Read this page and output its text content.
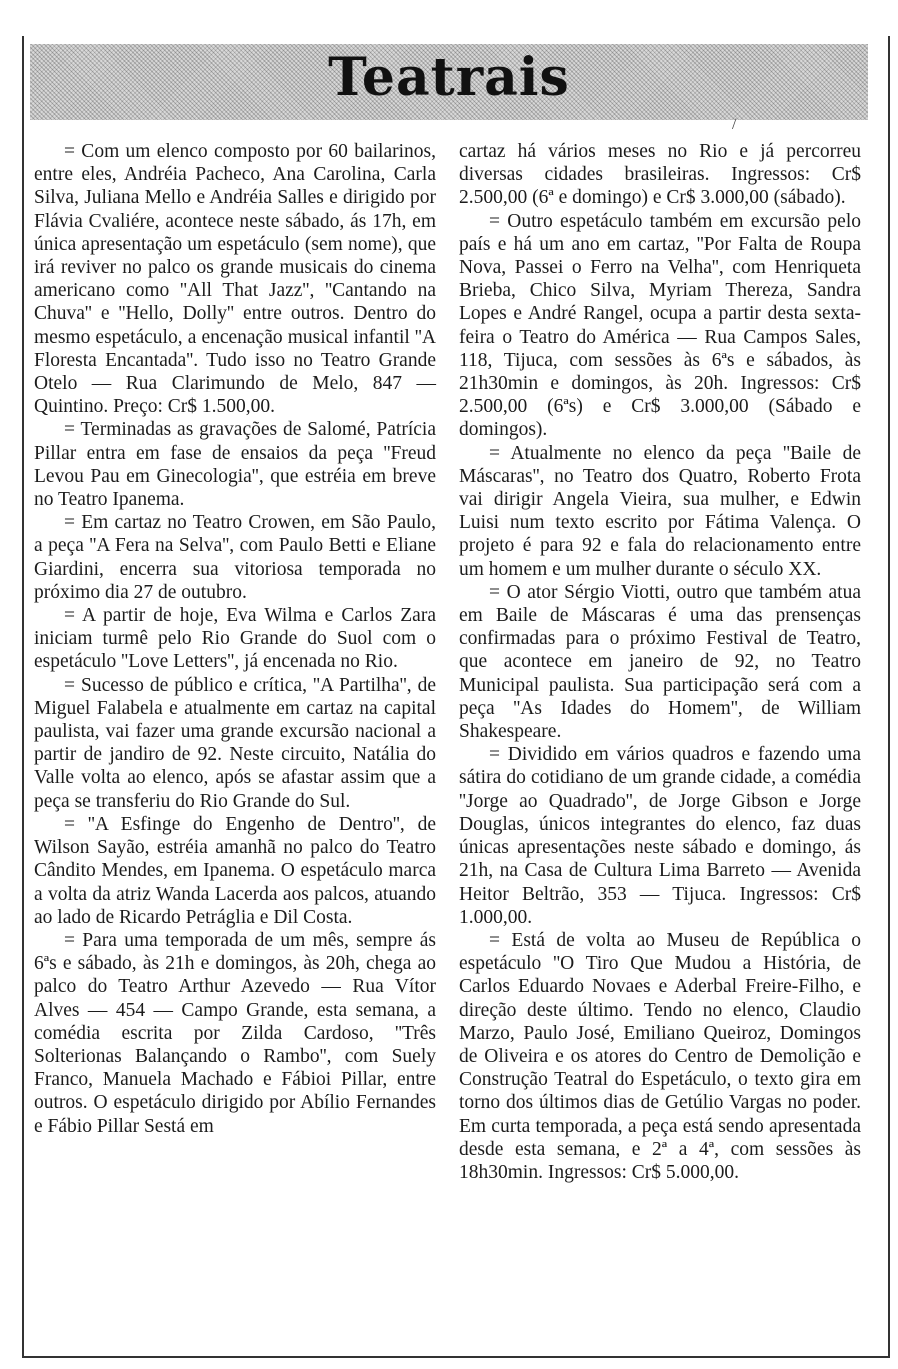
Teatrais
/

= Com um elenco composto por 60 bailarinos, entre eles, Andréia Pacheco, Ana Carolina, Carla Silva, Juliana Mello e Andréia Salles e dirigido por Flávia Cvaliére, acontece neste sábado, ás 17h, em única apresentação um espetáculo (sem nome), que irá reviver no palco os grande musicais do cinema americano como ''All That Jazz'', ''Cantando na Chuva'' e ''Hello, Dolly'' entre outros. Dentro do mesmo espetáculo, a encenação musical infantil ''A Floresta Encantada''. Tudo isso no Teatro Grande Otelo — Rua Clarimundo de Melo, 847 — Quintino. Preço: Cr$ 1.500,00.

= Terminadas as gravações de Salomé, Patrícia Pillar entra em fase de ensaios da peça ''Freud Levou Pau em Ginecologia'', que estréia em breve no Teatro Ipanema.

= Em cartaz no Teatro Crowen, em São Paulo, a peça ''A Fera na Selva'', com Paulo Betti e Eliane Giardini, encerra sua vitoriosa temporada no próximo dia 27 de outubro.

= A partir de hoje, Eva Wilma e Carlos Zara iniciam turmê pelo Rio Grande do Suol com o espetáculo ''Love Letters'', já encenada no Rio.

= Sucesso de público e crítica, ''A Partilha'', de Miguel Falabela e atualmente em cartaz na capital paulista, vai fazer uma grande excursão nacional a partir de jandiro de 92. Neste circuito, Natália do Valle volta ao elenco, após se afastar assim que a peça se transferiu do Rio Grande do Sul.

= ''A Esfinge do Engenho de Dentro'', de Wilson Sayão, estréia amanhã no palco do Teatro Cândito Mendes, em Ipanema. O espetáculo marca a volta da atriz Wanda Lacerda aos palcos, atuando ao lado de Ricardo Petráglia e Dil Costa.

= Para uma temporada de um mês, sempre ás 6ªs e sábado, às 21h e domingos, às 20h, chega ao palco do Teatro Arthur Azevedo — Rua Vítor Alves — 454 — Campo Grande, esta semana, a comédia escrita por Zilda Cardoso, ''Três Solterionas Balançando o Rambo'', com Suely Franco, Manuela Machado e Fábioi Pillar, entre outros. O espetáculo dirigido por Abílio Fernandes e Fábio Pillar Sestá em

cartaz há vários meses no Rio e já percorreu diversas cidades brasileiras. Ingressos: Cr$ 2.500,00 (6ª e domingo) e Cr$ 3.000,00 (sábado).

= Outro espetáculo também em excursão pelo país e há um ano em cartaz, ''Por Falta de Roupa Nova, Passei o Ferro na Velha'', com Henriqueta Brieba, Chico Silva, Myriam Thereza, Sandra Lopes e André Rangel, ocupa a partir desta sexta-feira o Teatro do América — Rua Campos Sales, 118, Tijuca, com sessões às 6ªs e sábados, às 21h30min e domingos, às 20h. Ingressos: Cr$ 2.500,00 (6ªs) e Cr$ 3.000,00 (Sábado e domingos).

= Atualmente no elenco da peça ''Baile de Máscaras'', no Teatro dos Quatro, Roberto Frota vai dirigir Angela Vieira, sua mulher, e Edwin Luisi num texto escrito por Fátima Valença. O projeto é para 92 e fala do relacionamento entre um homem e um mulher durante o século XX.

= O ator Sérgio Viotti, outro que também atua em Baile de Máscaras é uma das prensenças confirmadas para o próximo Festival de Teatro, que acontece em janeiro de 92, no Teatro Municipal paulista. Sua participação será com a peça ''As Idades do Homem'', de William Shakespeare.

= Dividido em vários quadros e fazendo uma sátira do cotidiano de um grande cidade, a comédia ''Jorge ao Quadrado'', de Jorge Gibson e Jorge Douglas, únicos integrantes do elenco, faz duas únicas apresentações neste sábado e domingo, ás 21h, na Casa de Cultura Lima Barreto — Avenida Heitor Beltrão, 353 — Tijuca. Ingressos: Cr$ 1.000,00.

= Está de volta ao Museu de República o espetáculo ''O Tiro Que Mudou a História, de Carlos Eduardo Novaes e Aderbal Freire-Filho, e direção deste último. Tendo no elenco, Claudio Marzo, Paulo José, Emiliano Queiroz, Domingos de Oliveira e os atores do Centro de Demolição e Construção Teatral do Espetáculo, o texto gira em torno dos últimos dias de Getúlio Vargas no poder. Em curta temporada, a peça está sendo apresentada desde esta semana, e 2ª a 4ª, com sessões às 18h30min. Ingressos: Cr$ 5.000,00.
